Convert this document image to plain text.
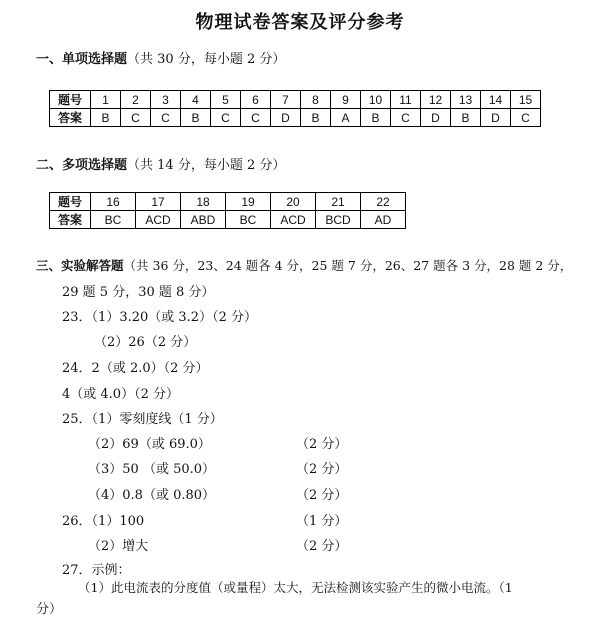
物理试卷答案及评分参考
一、单项选择题（共 30 分，每小题 2 分）
题号	1	2	3	4	5	6	7	8	9	10	11	12	13	14	15
答案	B	C	C	B	C	C	D	B	A	B	C	D	B	D	C
二、多项选择题（共 14 分，每小题 2 分）
题号	16	17	18	19	20	21	22
答案	BC	ACD	ABD	BC	ACD	BCD	AD
三、实验解答题（共 36 分，23、24 题各 4 分，25 题 7 分，26、27 题各 3 分，28 题 2 分，
29 题 5 分，30 题 8 分）
23．（1）3.20（或 3.2）（2 分）
（2）26（2 分）
24．2（或 2.0）（2 分）
4（或 4.0）（2 分）
25．（1）零刻度线（1 分）
（2）69（或 69.0）	（2 分）
（3）50 （或 50.0）	（2 分）
（4）0.8（或 0.80）	（2 分）
26．（1）100	（1 分）
（2）增大	（2 分）
27．示例：
（1）此电流表的分度值（或量程）太大，无法检测该实验产生的微小电流。（1
分）
